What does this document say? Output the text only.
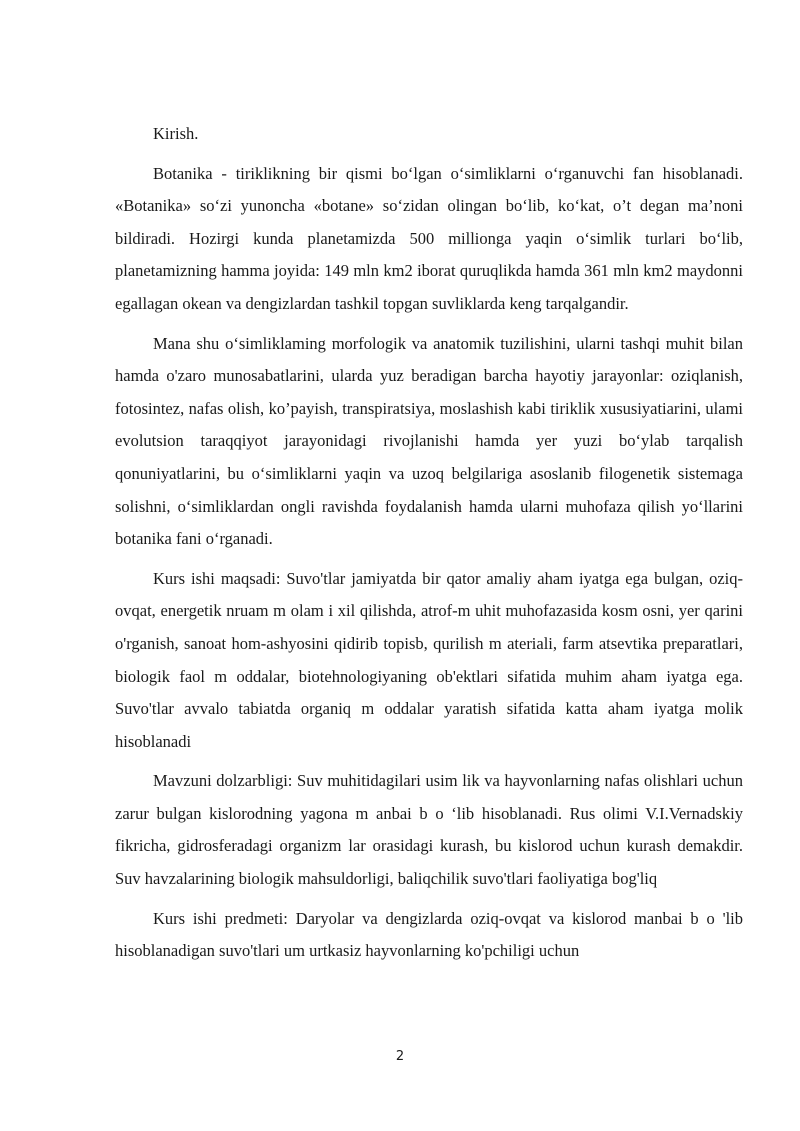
Kirish.

Botanika - tiriklikning bir qismi bo‘lgan o‘simliklarni o‘rganuvchi fan hisoblanadi. «Botanika» so‘zi yunoncha «botane» so‘zidan olingan bo‘lib, ko‘kat, o’t degan ma’noni bildiradi. Hozirgi kunda planetamizda 500 millionga yaqin o‘simlik turlari bo‘lib, planetamizning hamma joyida: 149 mln km2 iborat quruqlikda hamda 361 mln km2 maydonni egallagan okean va dengizlardan tashkil topgan suvliklarda keng tarqalgandir.

Mana shu o‘simliklaming morfologik va anatomik tuzilishini, ularni tashqi muhit bilan hamda o'zaro munosabatlarini, ularda yuz beradigan barcha hayotiy jarayonlar: oziqlanish, fotosintez, nafas olish, ko’payish, transpiratsiya, moslashish kabi tiriklik xususiyatiarini, ulami evolutsion taraqqiyot jarayonidagi rivojlanishi hamda yer yuzi bo‘ylab tarqalish qonuniyatlarini, bu o‘simliklarni yaqin va uzoq belgilariga asoslanib filogenetik sistemaga solishni, o‘simliklardan ongli ravishda foydalanish hamda ularni muhofaza qilish yo‘llarini botanika fani o‘rganadi.

Kurs ishi maqsadi: Suvo'tlar jamiyatda bir qator amaliy aham iyatga ega bulgan, oziq-ovqat, energetik nruam m olam i xil qilishda, atrof-m uhit muhofazasida kosm osni, yer qarini o'rganish, sanoat hom-ashyosini qidirib topisb, qurilish m ateriali, farm atsevtika preparatlari, biologik faol m oddalar, biotehnologiyaning ob'ektlari sifatida muhim aham iyatga ega. Suvo'tlar avvalo tabiatda organiq m oddalar yaratish sifatida katta aham iyatga molik hisoblanadi

Mavzuni dolzarbligi: Suv muhitidagilari usim lik va hayvonlarning nafas olishlari uchun zarur bulgan kislorodning yagona m anbai b o ‘lib hisoblanadi. Rus olimi V.I.Vernadskiy fikricha, gidrosferadagi organizm lar orasidagi kurash, bu kislorod uchun kurash demakdir. Suv havzalarining biologik mahsuldorligi, baliqchilik suvo'tlari faoliyatiga bog'liq

Kurs ishi predmeti: Daryolar va dengizlarda oziq-ovqat va kislorod manbai b o 'lib hisoblanadigan suvo'tlari um urtkasiz hayvonlarning ko'pchiligi uchun

2
